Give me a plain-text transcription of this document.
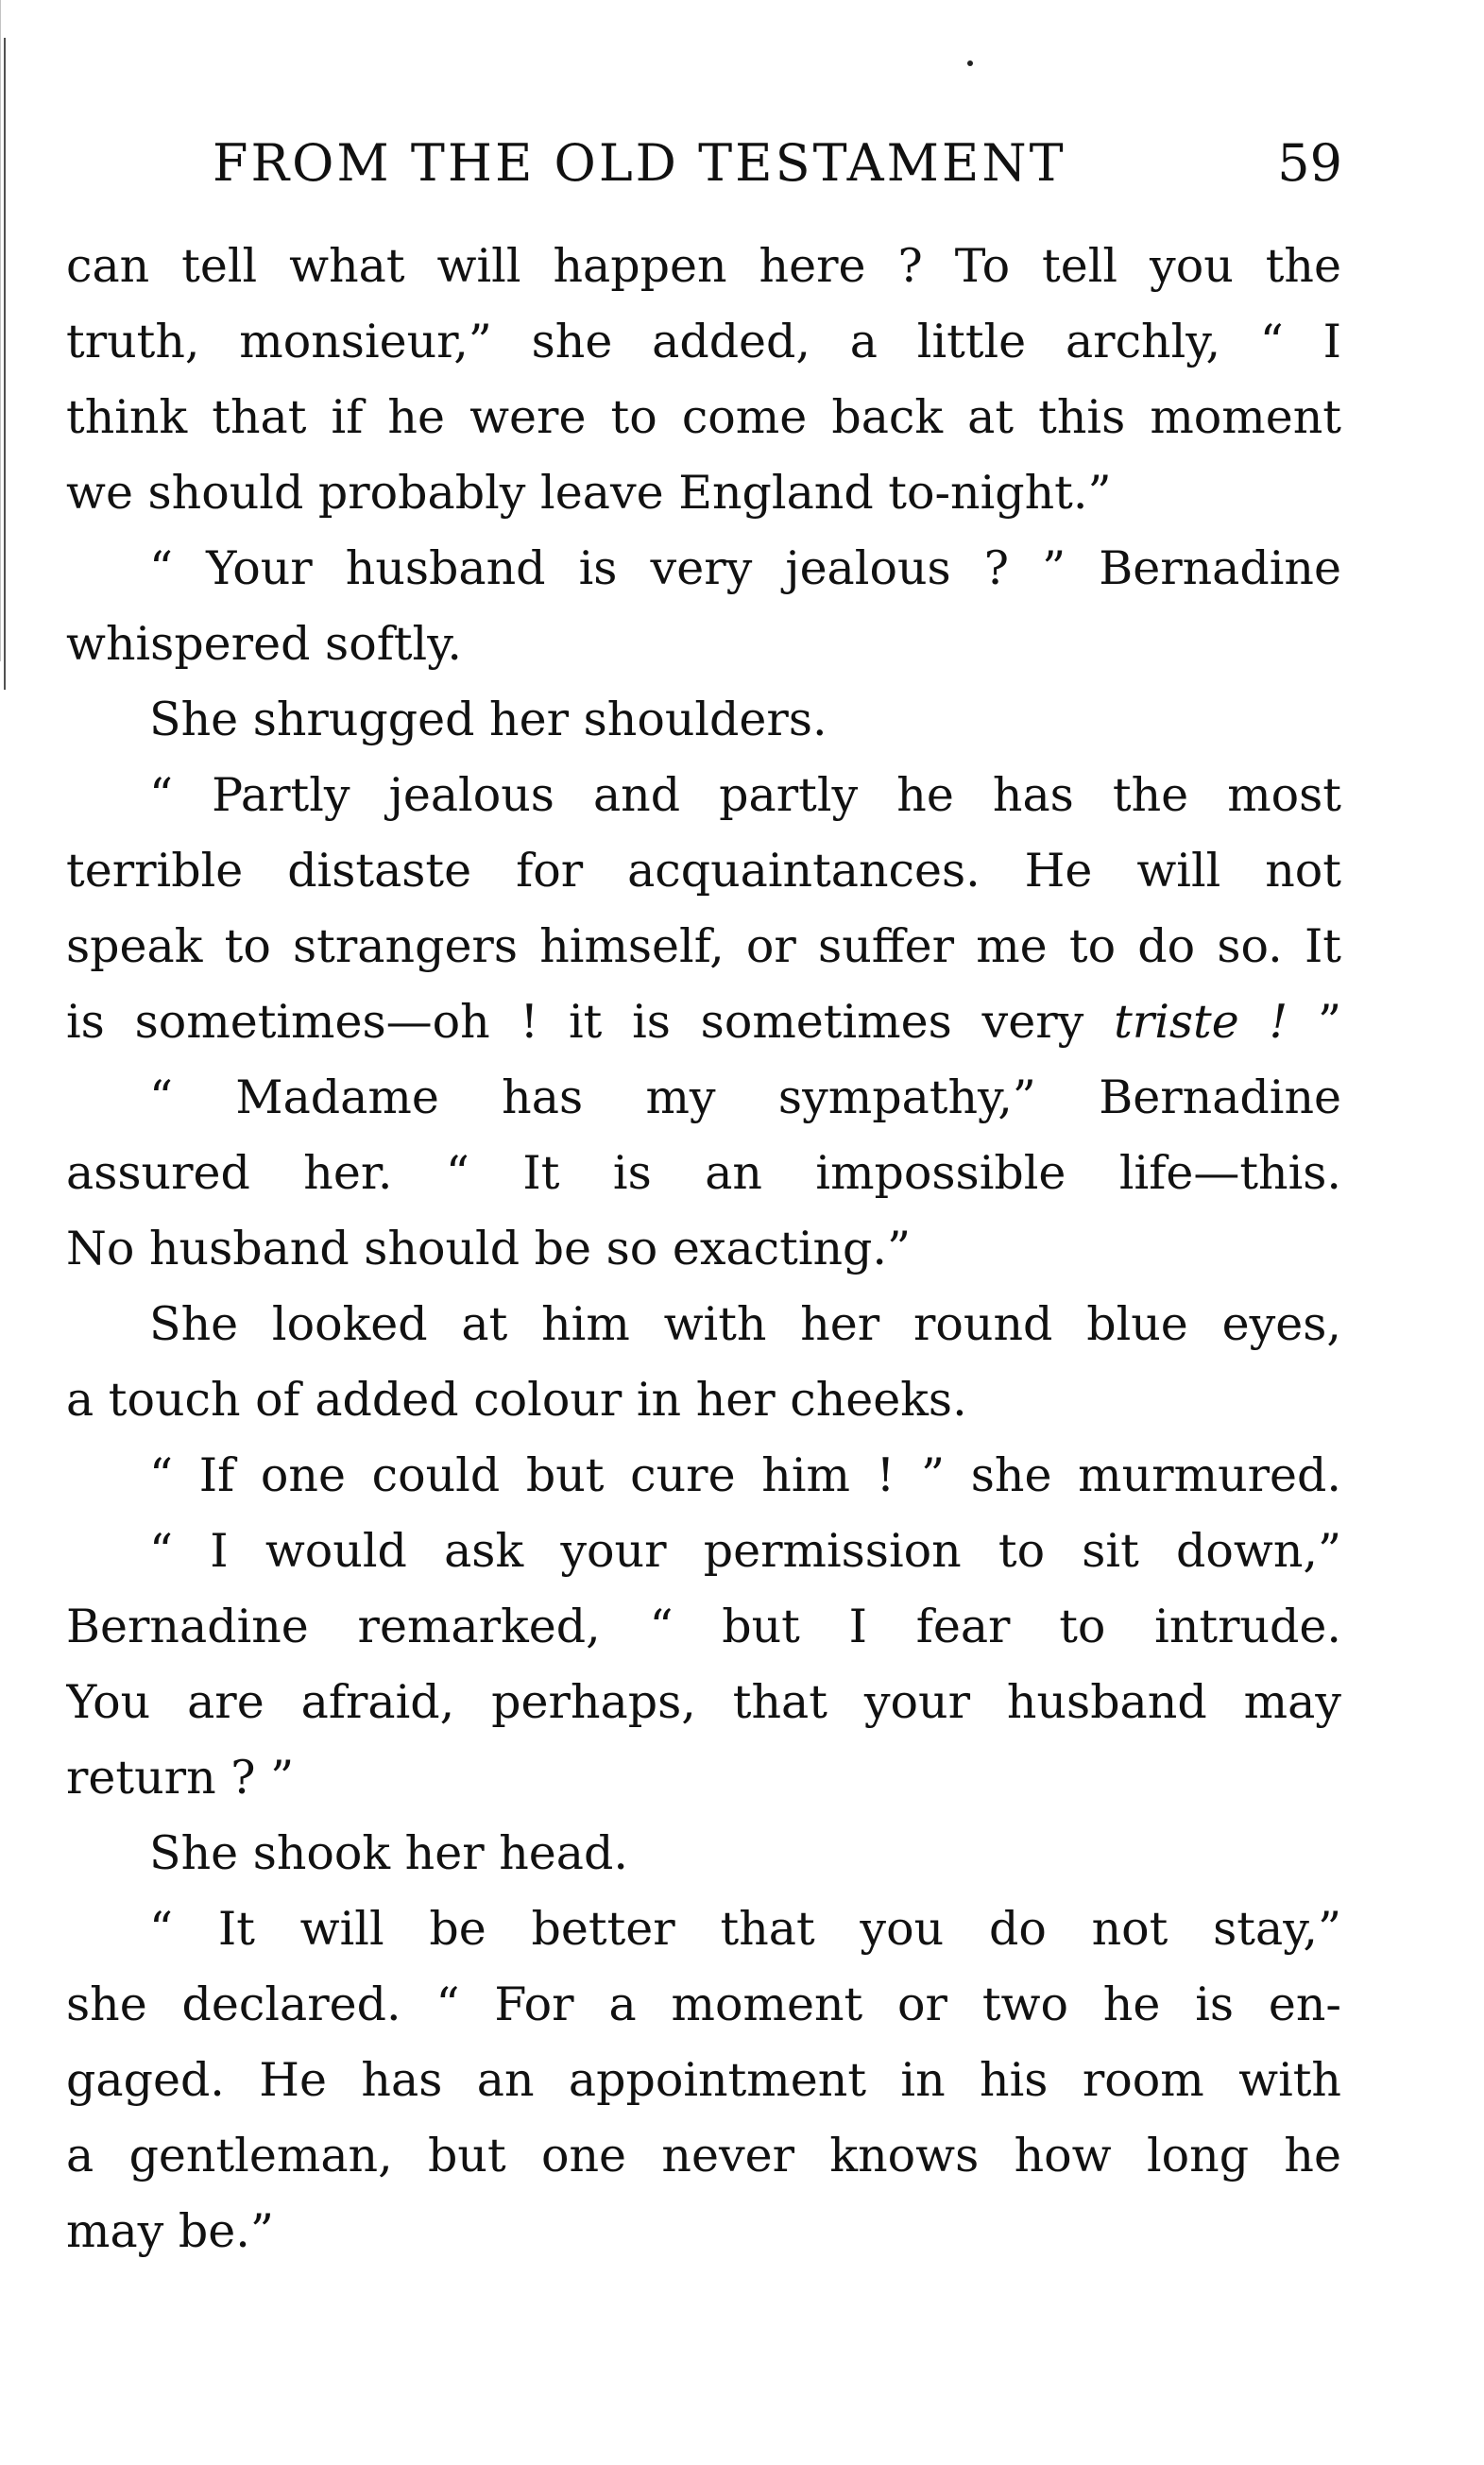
FROM THE OLD TESTAMENT	59
can tell what will happen here ? To tell you the
truth, monsieur,” she added, a little archly, “ I
think that if he were to come back at this moment
we should probably leave England to-night.”
“ Your husband is very jealous ? ” Bernadine
whispered softly.
She shrugged her shoulders.
“ Partly jealous and partly he has the most
terrible distaste for acquaintances. He will not
speak to strangers himself, or suffer me to do so. It
is sometimes—oh ! it is sometimes very triste ! ”
“ Madame has my sympathy,” Bernadine
assured her. “ It is an impossible life—this.
No husband should be so exacting.”
She looked at him with her round blue eyes,
a touch of added colour in her cheeks.
“ If one could but cure him ! ” she murmured.
“ I would ask your permission to sit down,”
Bernadine remarked, “ but I fear to intrude.
You are afraid, perhaps, that your husband may
return ? ”
She shook her head.
“ It will be better that you do not stay,”
she declared. “ For a moment or two he is en-
gaged. He has an appointment in his room with
a gentleman, but one never knows how long he
may be.”
